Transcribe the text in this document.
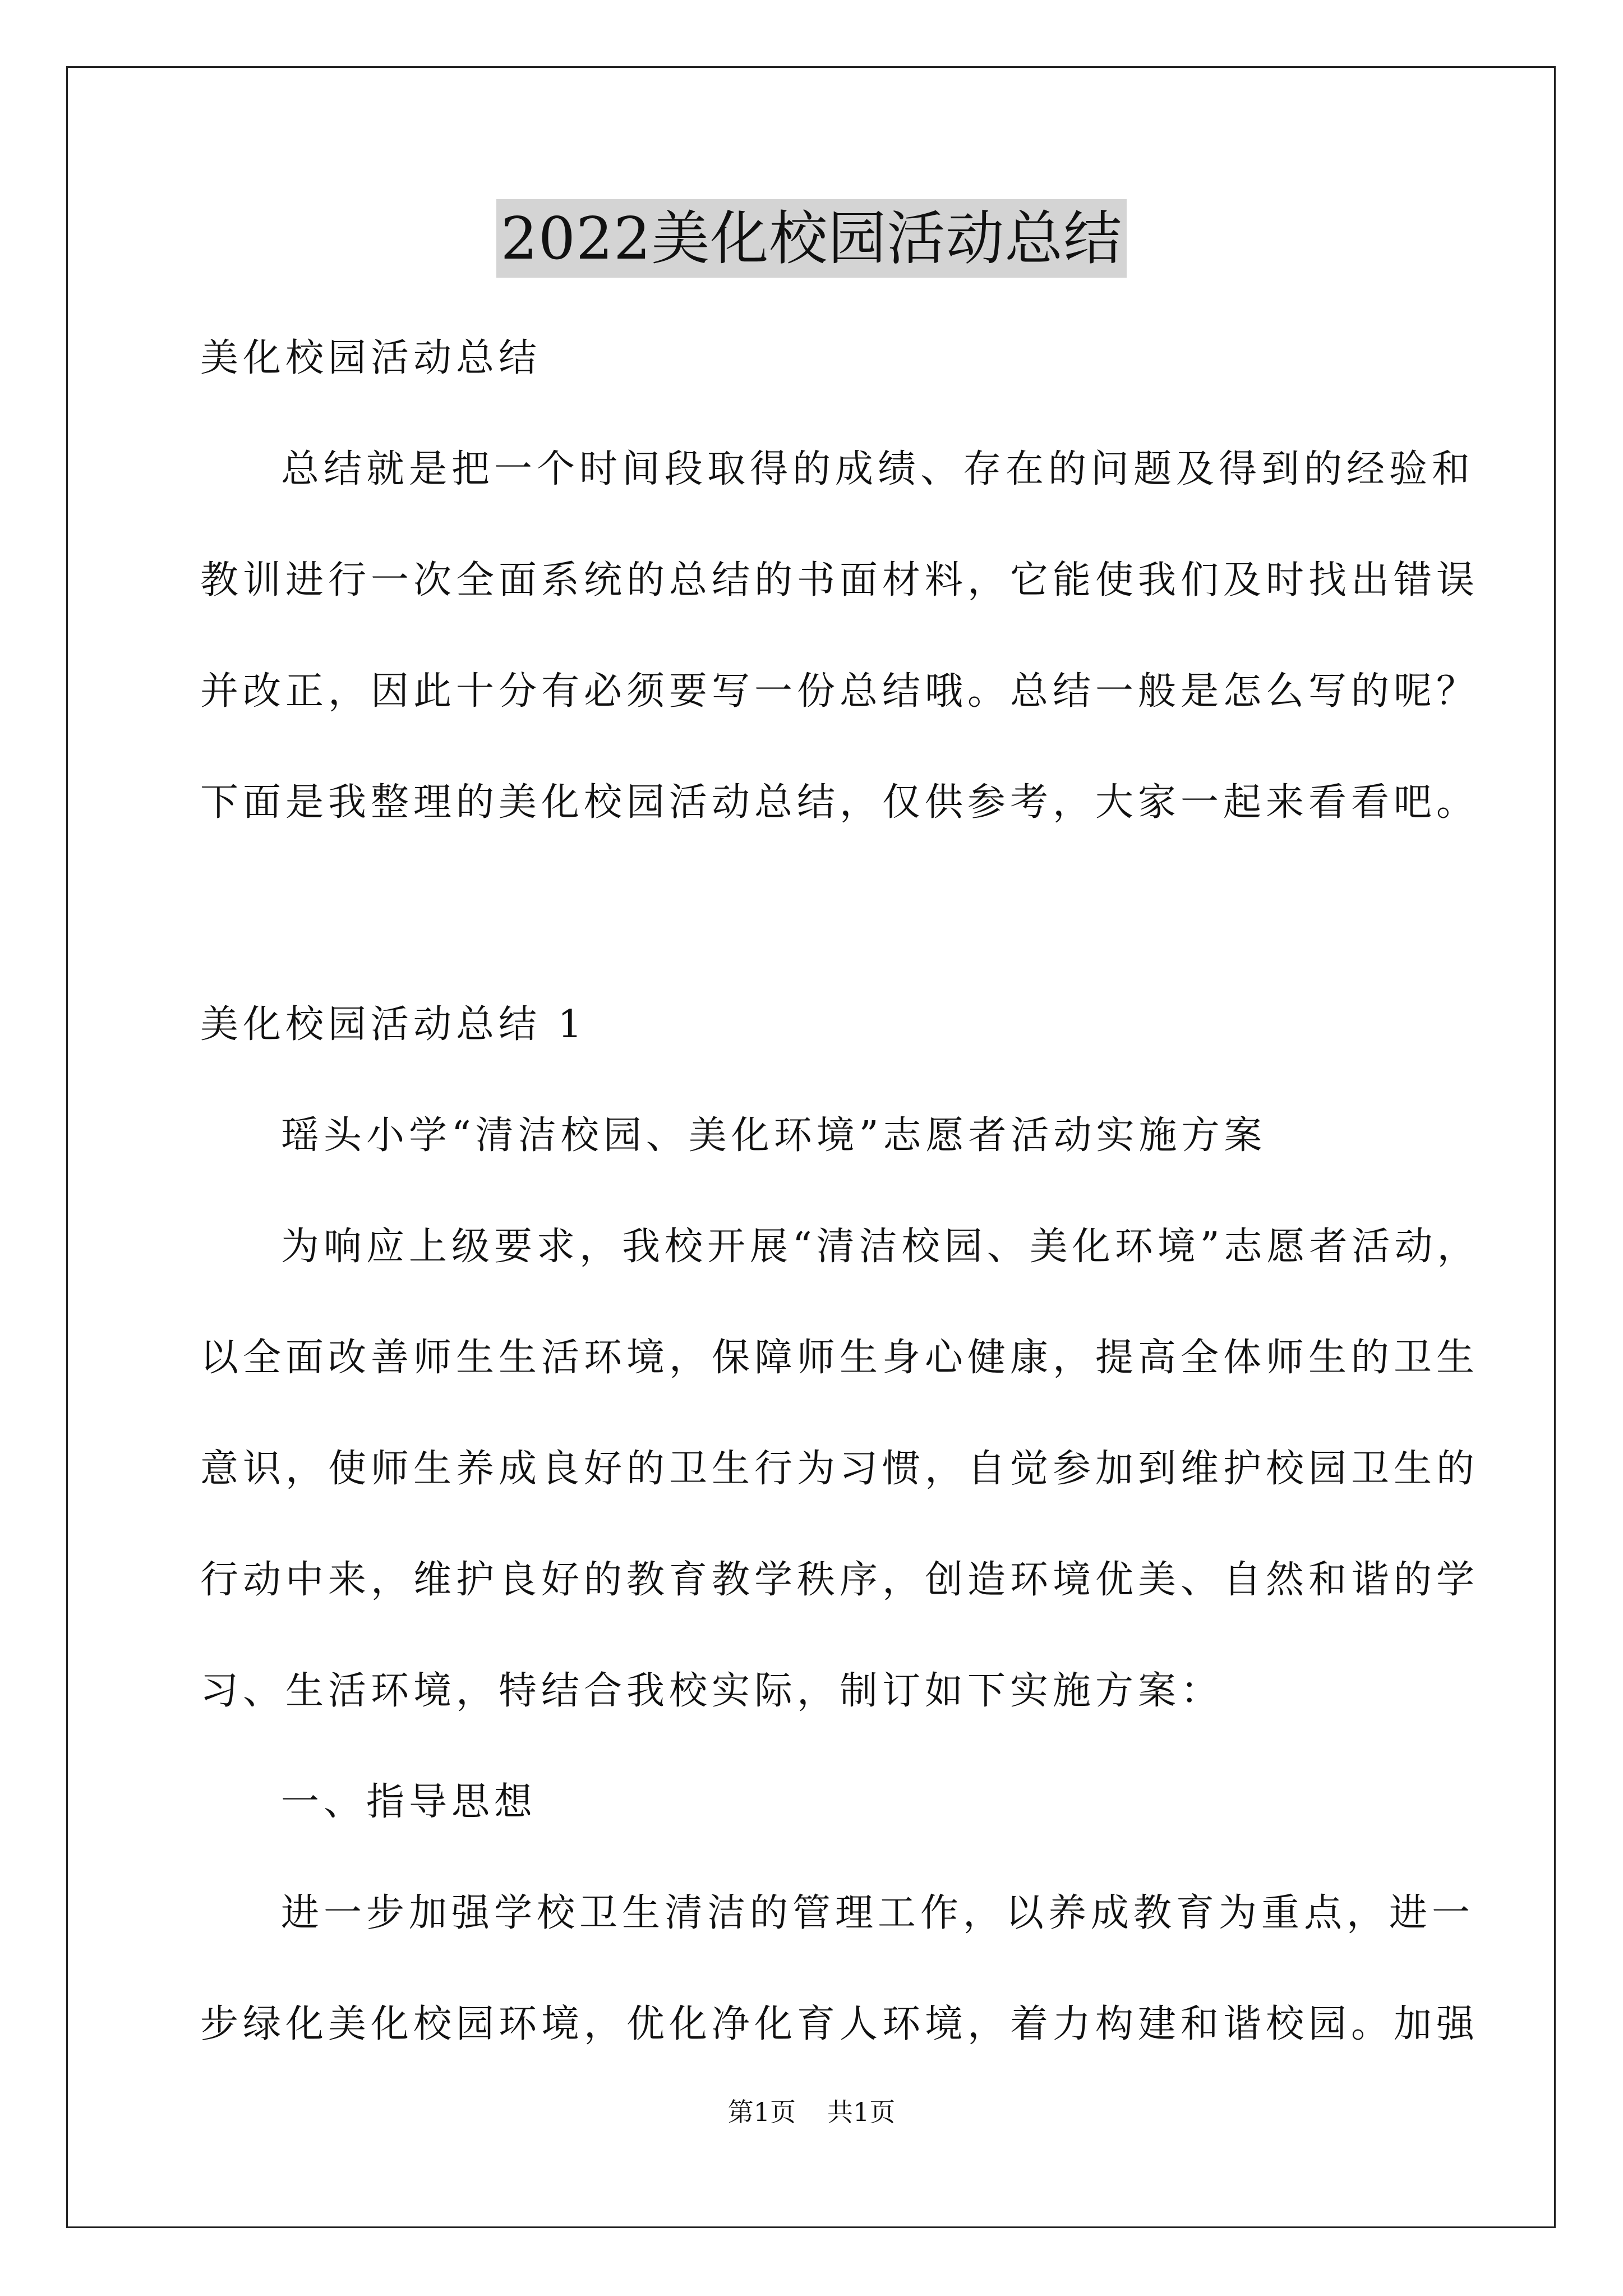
2022美化校园活动总结
美化校园活动总结
总结就是把一个时间段取得的成绩、存在的问题及得到的经验和
教训进行一次全面系统的总结的书面材料，它能使我们及时找出错误
并改正，因此十分有必须要写一份总结哦。总结一般是怎么写的呢？
下面是我整理的美化校园活动总结，仅供参考，大家一起来看看吧。
美化校园活动总结 1
瑶头小学“清洁校园、美化环境”志愿者活动实施方案
为响应上级要求，我校开展“清洁校园、美化环境”志愿者活动，
以全面改善师生生活环境，保障师生身心健康，提高全体师生的卫生
意识，使师生养成良好的卫生行为习惯，自觉参加到维护校园卫生的
行动中来，维护良好的教育教学秩序，创造环境优美、自然和谐的学
习、生活环境，特结合我校实际，制订如下实施方案：
一、指导思想
进一步加强学校卫生清洁的管理工作，以养成教育为重点，进一
步绿化美化校园环境，优化净化育人环境，着力构建和谐校园。加强
第1页 共1页
